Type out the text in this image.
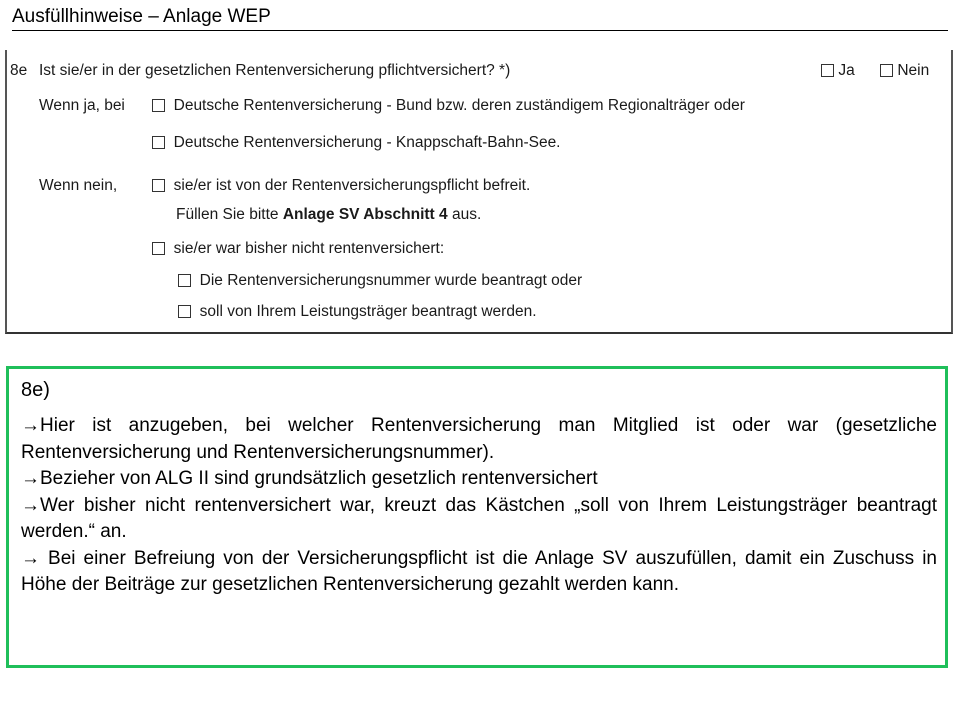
Ausfüllhinweise – Anlage WEP
8e Ist sie/er in der gesetzlichen Rentenversicherung pflichtversichert? *)	Ja	Nein
Wenn ja, bei	Deutsche Rentenversicherung - Bund bzw. deren zuständigem Regionalträger oder
Deutsche Rentenversicherung - Knappschaft-Bahn-See.
Wenn nein,	sie/er ist von der Rentenversicherungspflicht befreit.
Füllen Sie bitte Anlage SV Abschnitt 4 aus.
sie/er war bisher nicht rentenversichert:
Die Rentenversicherungsnummer wurde beantragt oder
soll von Ihrem Leistungsträger beantragt werden.
8e)

→Hier ist anzugeben, bei welcher Rentenversicherung man Mitglied ist oder war (gesetzliche Rentenversicherung und Rentenversicherungsnummer).

→Bezieher von ALG II sind grundsätzlich gesetzlich rentenversichert

→Wer bisher nicht rentenversichert war, kreuzt das Kästchen „soll von Ihrem Leistungsträger beantragt werden.“ an.

→ Bei einer Befreiung von der Versicherungspflicht ist die Anlage SV auszufüllen, damit ein Zuschuss in Höhe der Beiträge zur gesetzlichen Rentenversicherung gezahlt werden kann.
